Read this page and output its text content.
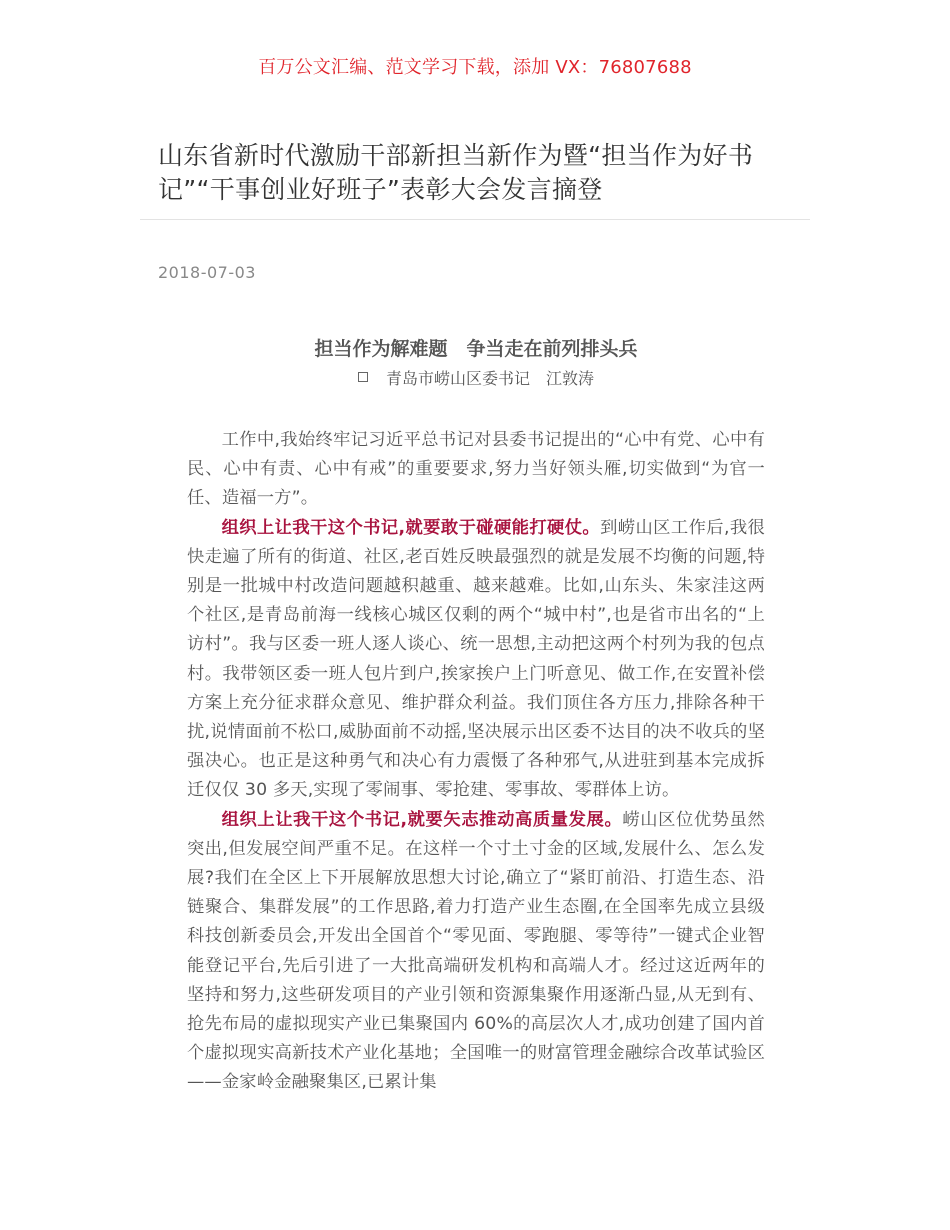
百万公文汇编、范文学习下载，添加 VX：76807688
山东省新时代激励干部新担当新作为暨“担当作为好书记”“干事创业好班子”表彰大会发言摘登
2018-07-03
担当作为解难题　争当走在前列排头兵
青岛市崂山区委书记 江敦涛

工作中,我始终牢记习近平总书记对县委书记提出的“心中有党、心中有民、心中有责、心中有戒”的重要要求,努力当好领头雁,切实做到“为官一任、造福一方”。

组织上让我干这个书记,就要敢于碰硬能打硬仗。到崂山区工作后,我很快走遍了所有的街道、社区,老百姓反映最强烈的就是发展不均衡的问题,特别是一批城中村改造问题越积越重、越来越难。比如,山东头、朱家洼这两个社区,是青岛前海一线核心城区仅剩的两个“城中村”,也是省市出名的“上访村”。我与区委一班人逐人谈心、统一思想,主动把这两个村列为我的包点村。我带领区委一班人包片到户,挨家挨户上门听意见、做工作,在安置补偿方案上充分征求群众意见、维护群众利益。我们顶住各方压力,排除各种干扰,说情面前不松口,威胁面前不动摇,坚决展示出区委不达目的决不收兵的坚强决心。也正是这种勇气和决心有力震慑了各种邪气,从进驻到基本完成拆迁仅仅 30 多天,实现了零闹事、零抢建、零事故、零群体上访。

组织上让我干这个书记,就要矢志推动高质量发展。崂山区位优势虽然突出,但发展空间严重不足。在这样一个寸土寸金的区域,发展什么、怎么发展?我们在全区上下开展解放思想大讨论,确立了“紧盯前沿、打造生态、沿链聚合、集群发展”的工作思路,着力打造产业生态圈,在全国率先成立县级科技创新委员会,开发出全国首个“零见面、零跑腿、零等待”一键式企业智能登记平台,先后引进了一大批高端研发机构和高端人才。经过这近两年的坚持和努力,这些研发项目的产业引领和资源集聚作用逐渐凸显,从无到有、抢先布局的虚拟现实产业已集聚国内 60%的高层次人才,成功创建了国内首个虚拟现实高新技术产业化基地；全国唯一的财富管理金融综合改革试验区——金家岭金融聚集区,已累计集
